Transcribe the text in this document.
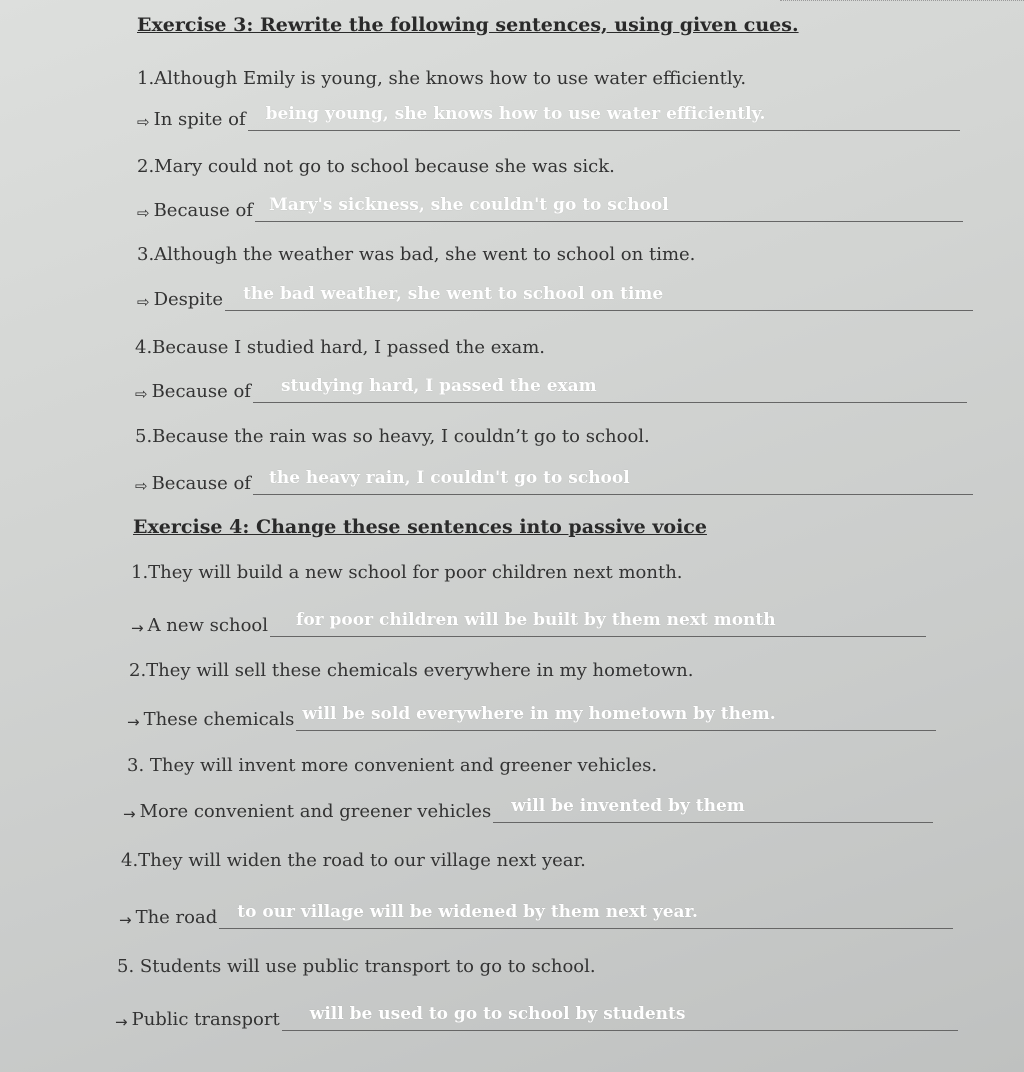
Exercise 3: Rewrite the following sentences, using given cues.
1.Although Emily is young, she knows how to use water efficiently.
⇨ In spite of being young, she knows how to use water efficiently.
2.Mary could not go to school because she was sick.
⇨ Because of Mary's sickness, she couldn't go to school
3.Although the weather was bad, she went to school on time.
⇨ Despite the bad weather, she went to school on time
4.Because I studied hard, I passed the exam.
⇨ Because of studying hard, I passed the exam
5.Because the rain was so heavy, I couldn’t go to school.
⇨ Because of the heavy rain, I couldn't go to school
Exercise 4: Change these sentences into passive voice
1.They will build a new school for poor children next month.
→ A new school for poor children will be built by them next month
2.They will sell these chemicals everywhere in my hometown.
→ These chemicals will be sold everywhere in my hometown by them.
3. They will invent more convenient and greener vehicles.
→ More convenient and greener vehicles will be invented by them
4.They will widen the road to our village next year.
→ The road to our village will be widened by them next year.
5. Students will use public transport to go to school.
→ Public transport will be used to go to school by students
